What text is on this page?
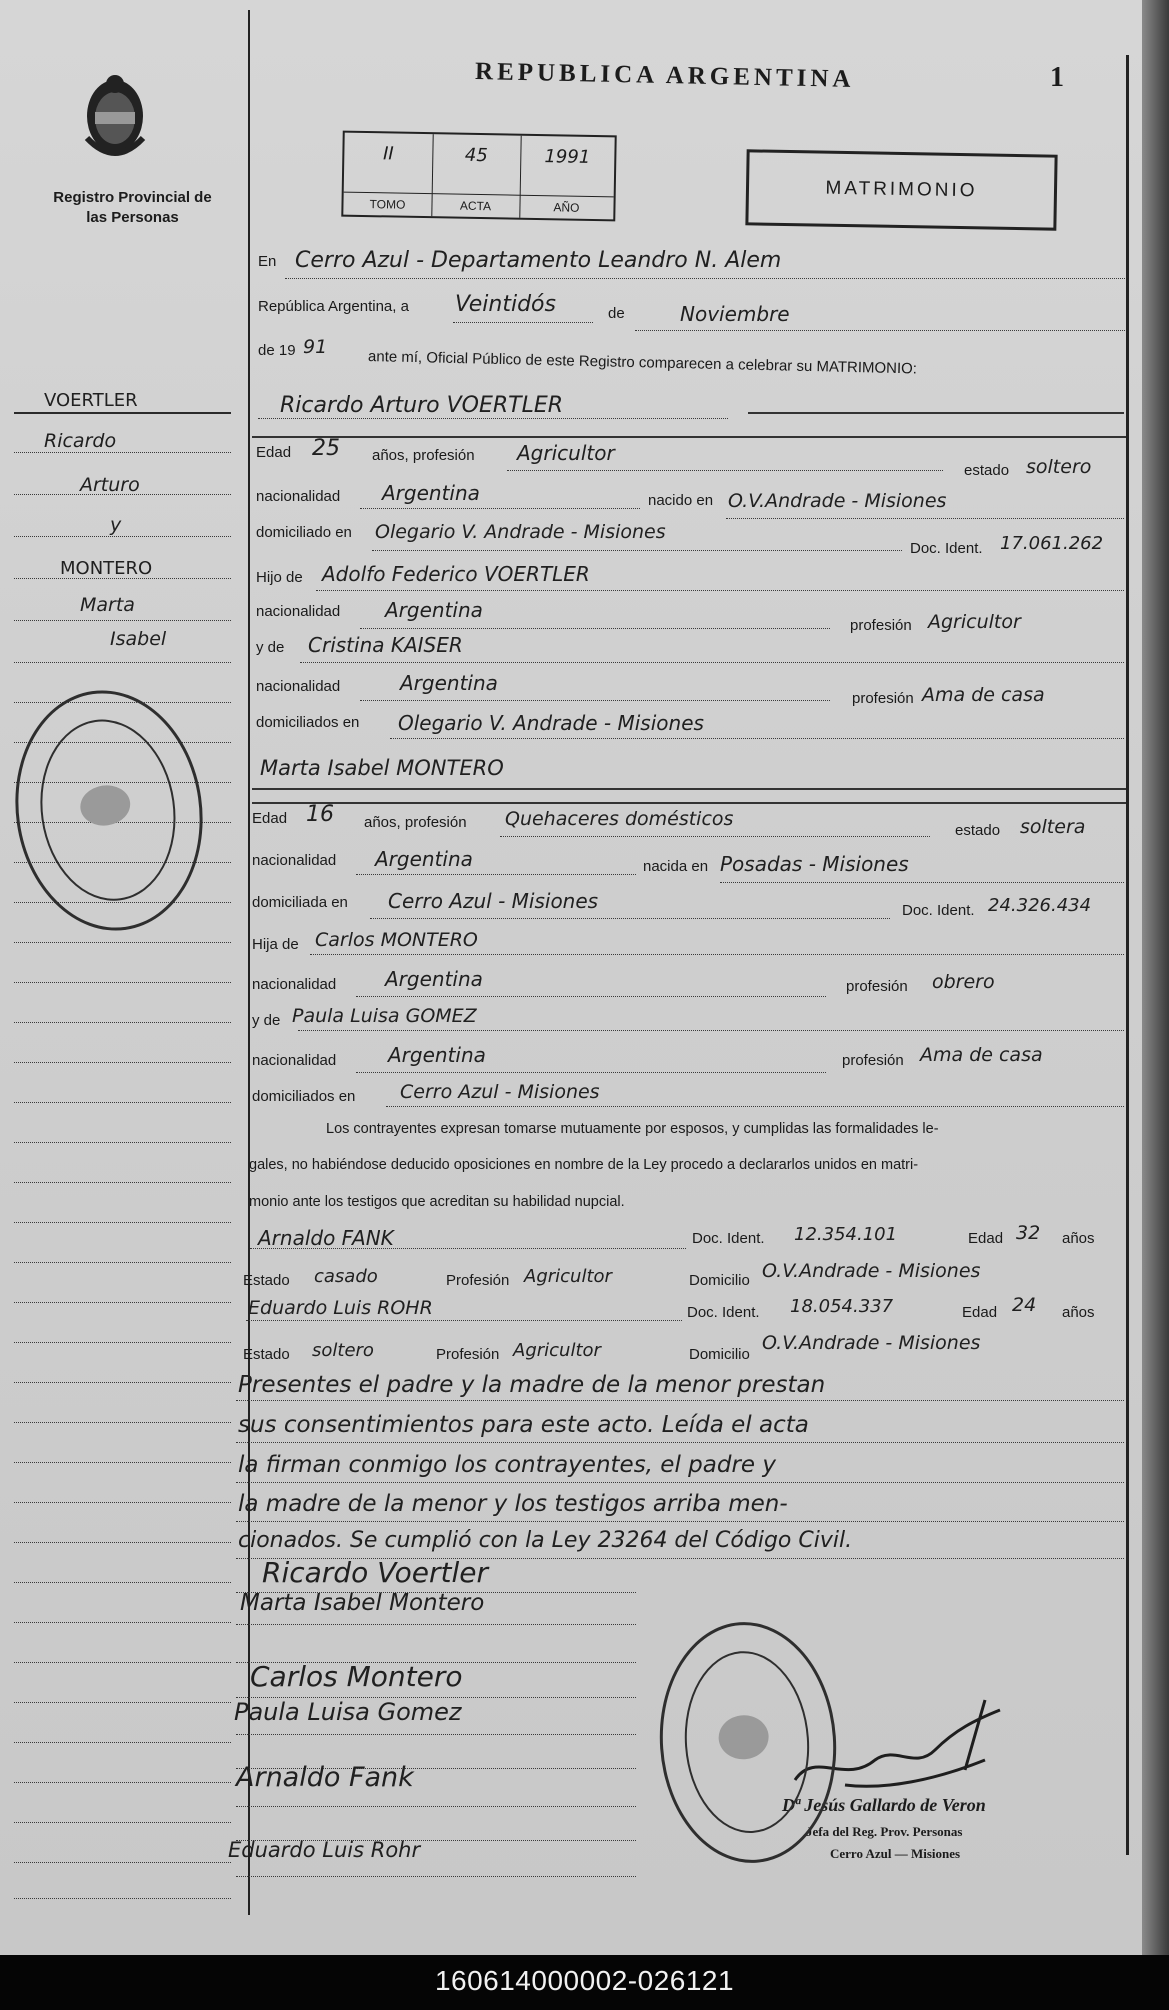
Registro Provincial de las Personas
REPUBLICA ARGENTINA	1
II
TOMO
45
ACTA
1991
AÑO
MATRIMONIO
En Cerro Azul - Departamento Leandro N. Alem
República Argentina, a Veintidós	de	Noviembre
de 19 91
ante mí, Oficial Público de este Registro comparecen a celebrar su MATRIMONIO:
Ricardo Arturo VOERTLER
Edad 25 años, profesión Agricultor
estado soltero
nacionalidad Argentina	nacido en O.V.Andrade - Misiones
domiciliado en Olegario V. Andrade - Misiones
Doc. Ident. 17.061.262
Hijo de Adolfo Federico VOERTLER
nacionalidad Argentina
profesión Agricultor
y de Cristina KAISER
nacionalidad	Argentina
profesión Ama de casa
domiciliados en Olegario V. Andrade - Misiones
Marta Isabel MONTERO
Edad 16 años, profesión Quehaceres domésticos
estado soltera
nacionalidad Argentina	nacida en Posadas - Misiones
domiciliada en Cerro Azul - Misiones	Doc. Ident. 24.326.434
Hija de Carlos MONTERO
nacionalidad Argentina	profesión obrero
y de Paula Luisa GOMEZ
nacionalidad	Argentina	profesión Ama de casa
domiciliados en Cerro Azul - Misiones
Los contrayentes expresan tomarse mutuamente por esposos, y cumplidas las formalidades le-
gales, no habiéndose deducido oposiciones en nombre de la Ley procedo a declararlos unidos en matri-
monio ante los testigos que acreditan su habilidad nupcial.
Arnaldo FANK	Doc. Ident. 12.354.101	Edad 32 años
Estado casado	Profesión Agricultor	Domicilio O.V.Andrade - Misiones
Eduardo Luis ROHR	Doc. Ident. 18.054.337	Edad 24 años
Estado soltero	Profesión Agricultor	Domicilio
O.V.Andrade - Misiones
Presentes el padre y la madre de la menor prestan
sus consentimientos para este acto. Leída el acta
la firman conmigo los contrayentes, el padre y
la madre de la menor y los testigos arriba men-
cionados. Se cumplió con la Ley 23264 del Código Civil.
Ricardo Voertler
Marta Isabel Montero
Carlos Montero
Paula Luisa Gomez
Arnaldo Fank
Eduardo Luis Rohr
Dª Jesús Gallardo de Veron
Jefa del Reg. Prov. Personas
Cerro Azul — Misiones
VOERTLER
Ricardo
Arturo
y
MONTERO
Marta
Isabel
160614000002-026121
